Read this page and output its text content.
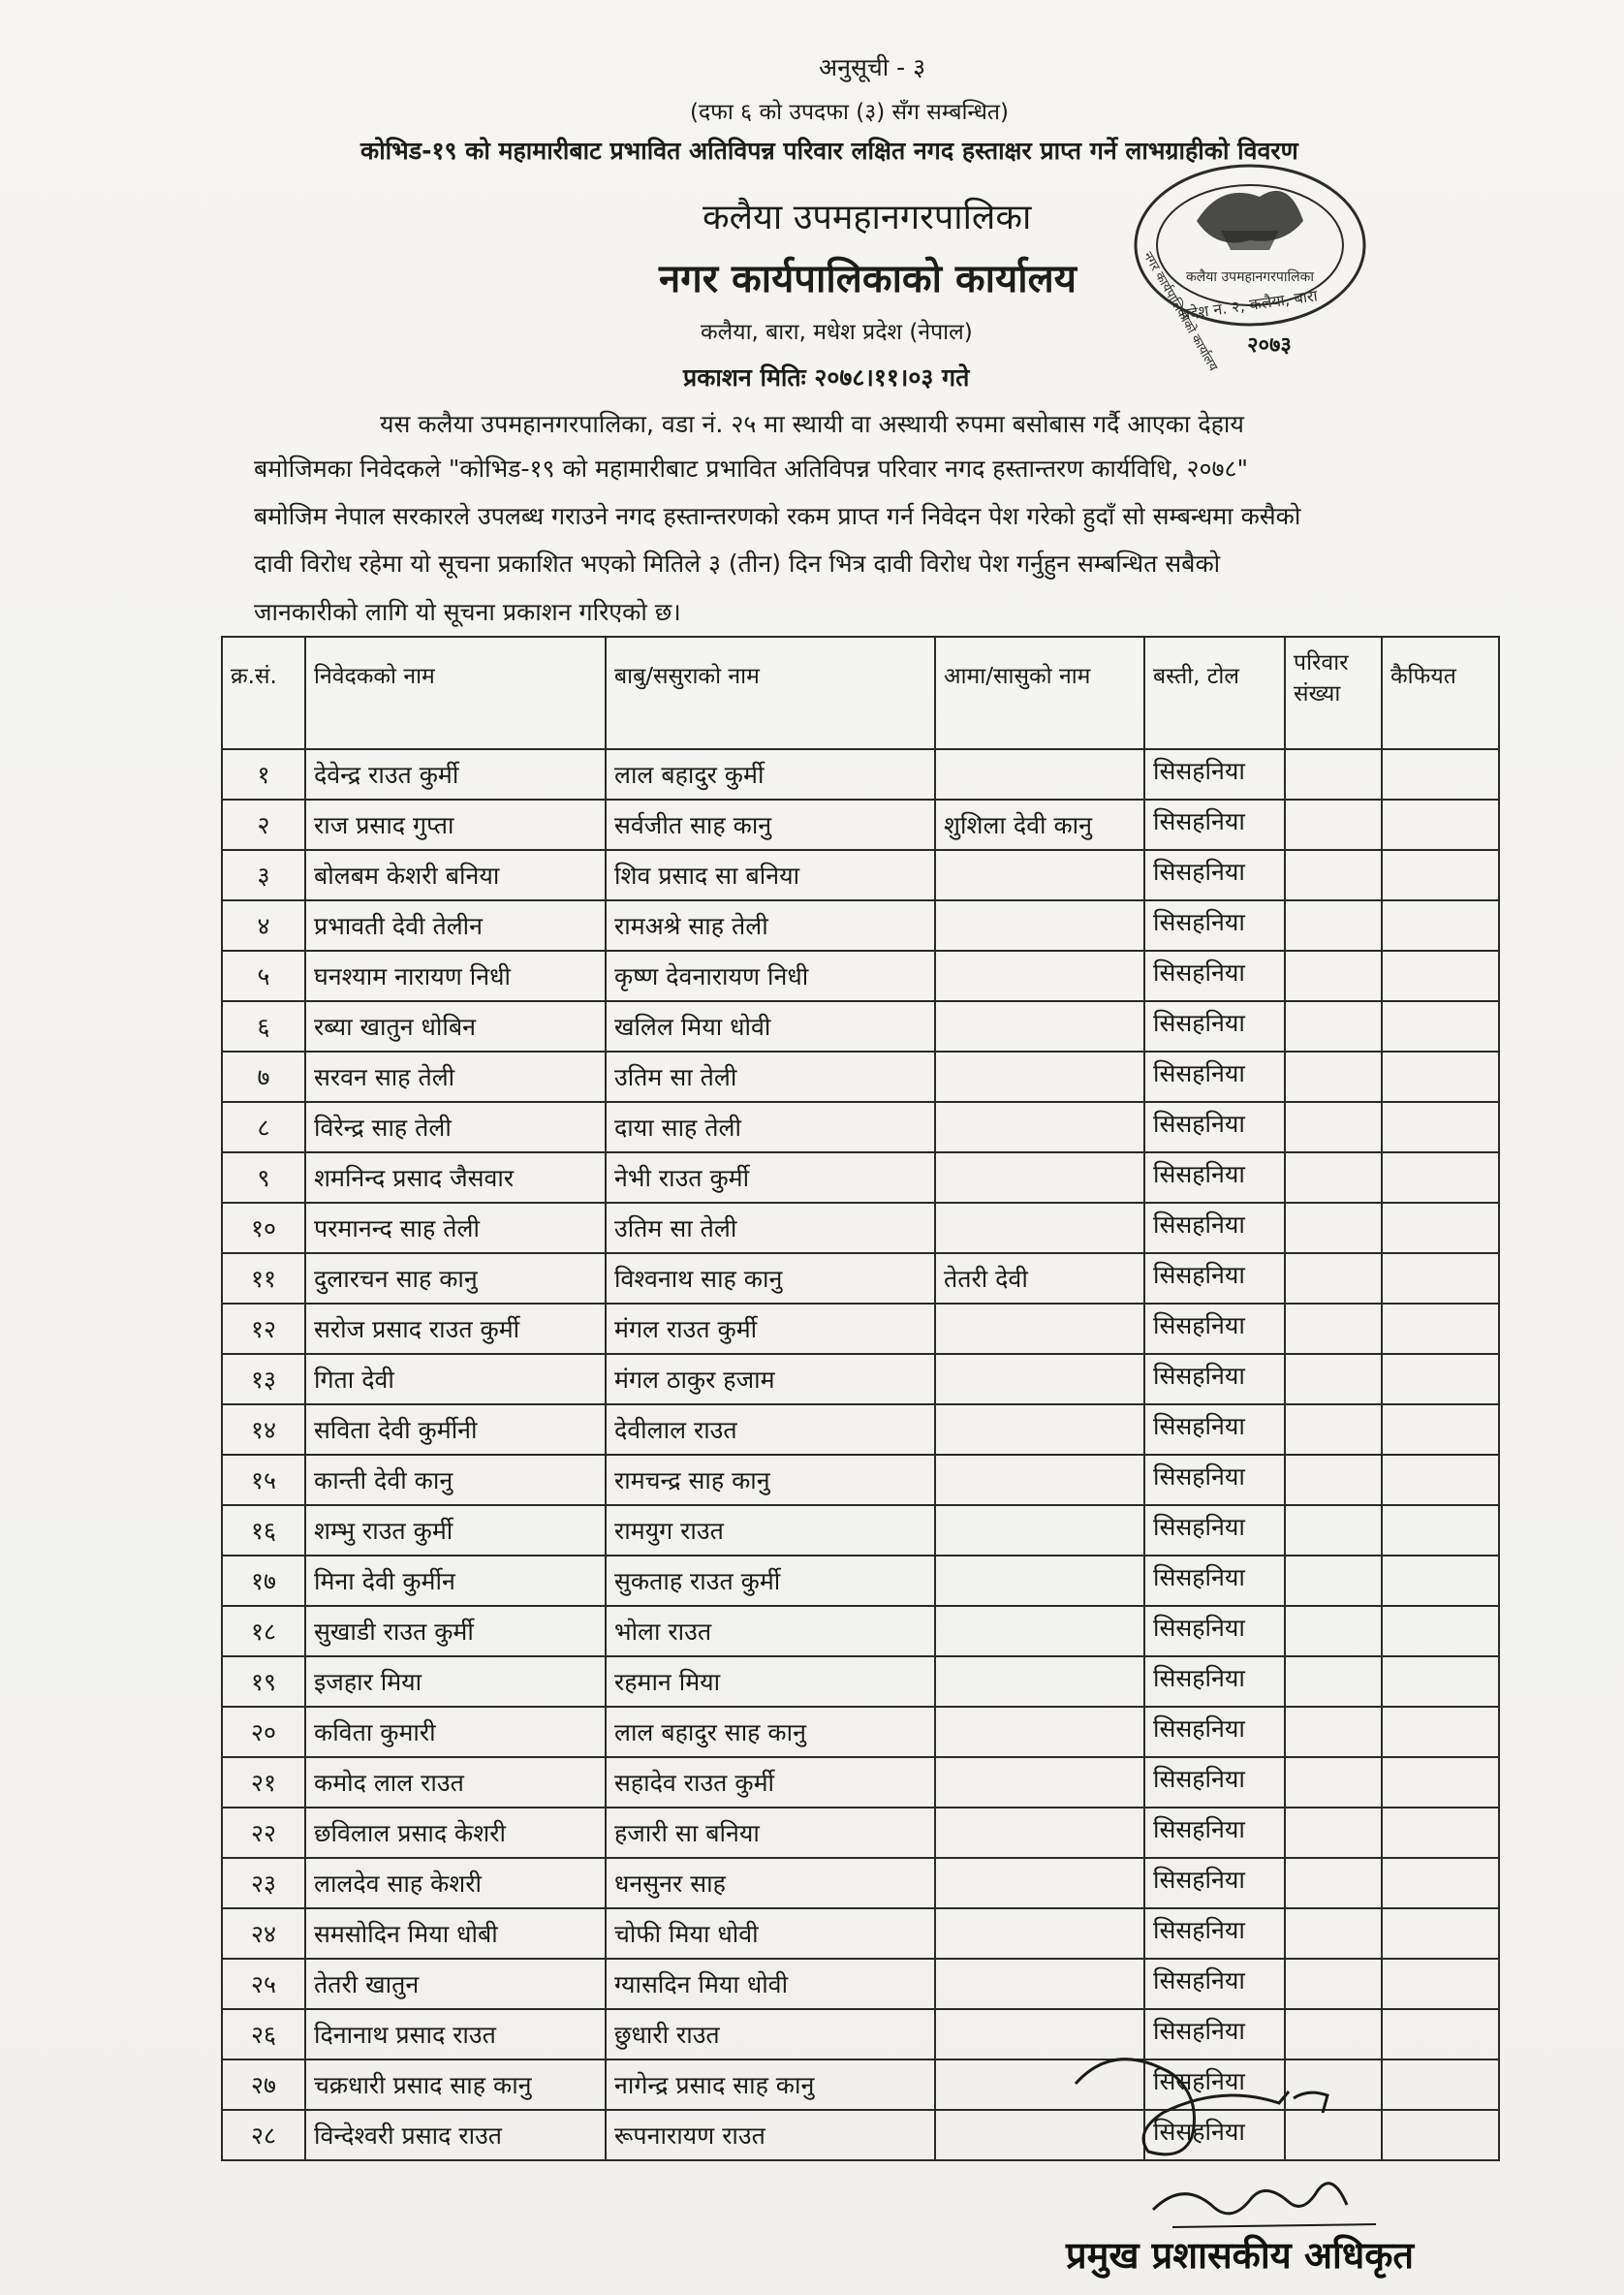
अनुसूची - ३
(दफा ६ को उपदफा (३) सँग सम्बन्धित)
कोभिड-१९ को महामारीबाट प्रभावित अतिविपन्न परिवार लक्षित नगद हस्ताक्षर प्राप्त गर्ने लाभग्राहीको विवरण
कलैया उपमहानगरपालिका
नगर कार्यपालिकाको कार्यालय
कलैया, बारा, मधेश प्रदेश (नेपाल)
प्रकाशन मितिः २०७८।११।०३ गते
कलैया उपमहानगरपालिका
नगर कार्यपालिकाको कार्यालय
प्रदेश नं. २, कलैया, बारा
२०७३
यस कलैया उपमहानगरपालिका, वडा नं. २५ मा स्थायी वा अस्थायी रुपमा बसोबास गर्दै आएका देहाय
बमोजिमका निवेदकले "कोभिड-१९ को महामारीबाट प्रभावित अतिविपन्न परिवार नगद हस्तान्तरण कार्यविधि, २०७८"
बमोजिम नेपाल सरकारले उपलब्ध गराउने नगद हस्तान्तरणको रकम प्राप्त गर्न निवेदन पेश गरेको हुदाँ सो सम्बन्धमा कसैको
दावी विरोध रहेमा यो सूचना प्रकाशित भएको मितिले ३ (तीन) दिन भित्र दावी विरोध पेश गर्नुहुन सम्बन्धित सबैको
जानकारीको लागि यो सूचना प्रकाशन गरिएको छ।
क्र.सं.	निवेदकको नाम	बाबु/ससुराको नाम	आमा/सासुको नाम	बस्ती, टोल	परिवार संख्या	कैफियत
१	देवेन्द्र राउत कुर्मी	लाल बहादुर कुर्मी		सिसहनिया		
२	राज प्रसाद गुप्ता	सर्वजीत साह कानु	शुशिला देवी कानु	सिसहनिया		
३	बोलबम केशरी बनिया	शिव प्रसाद सा बनिया		सिसहनिया		
४	प्रभावती देवी तेलीन	रामअश्रे साह तेली		सिसहनिया		
५	घनश्याम नारायण निधी	कृष्ण देवनारायण निधी		सिसहनिया		
६	रब्या खातुन धोबिन	खलिल मिया धोवी		सिसहनिया		
७	सरवन साह तेली	उतिम सा तेली		सिसहनिया		
८	विरेन्द्र साह तेली	दाया साह तेली		सिसहनिया		
९	शमनिन्द प्रसाद जैसवार	नेभी राउत कुर्मी		सिसहनिया		
१०	परमानन्द साह तेली	उतिम सा तेली		सिसहनिया		
११	दुलारचन साह कानु	विश्वनाथ साह कानु	तेतरी देवी	सिसहनिया		
१२	सरोज प्रसाद राउत कुर्मी	मंगल राउत कुर्मी		सिसहनिया		
१३	गिता देवी	मंगल ठाकुर हजाम		सिसहनिया		
१४	सविता देवी कुर्मीनी	देवीलाल राउत		सिसहनिया		
१५	कान्ती देवी कानु	रामचन्द्र साह कानु		सिसहनिया		
१६	शम्भु राउत कुर्मी	रामयुग राउत		सिसहनिया		
१७	मिना देवी कुर्मीन	सुकताह राउत कुर्मी		सिसहनिया		
१८	सुखाडी राउत कुर्मी	भोला राउत		सिसहनिया		
१९	इजहार मिया	रहमान मिया		सिसहनिया		
२०	कविता कुमारी	लाल बहादुर साह कानु		सिसहनिया		
२१	कमोद लाल राउत	सहादेव राउत कुर्मी		सिसहनिया		
२२	छविलाल प्रसाद केशरी	हजारी सा बनिया		सिसहनिया		
२३	लालदेव साह केशरी	धनसुनर साह		सिसहनिया		
२४	समसोदिन मिया धोबी	चोफी मिया धोवी		सिसहनिया		
२५	तेतरी खातुन	ग्यासदिन मिया धोवी		सिसहनिया		
२६	दिनानाथ प्रसाद राउत	छुधारी राउत		सिसहनिया		
२७	चक्रधारी प्रसाद साह कानु	नागेन्द्र प्रसाद साह कानु		सिसहनिया		
२८	विन्देश्वरी प्रसाद राउत	रूपनारायण राउत		सिसहनिया		
प्रमुख प्रशासकीय अधिकृत
